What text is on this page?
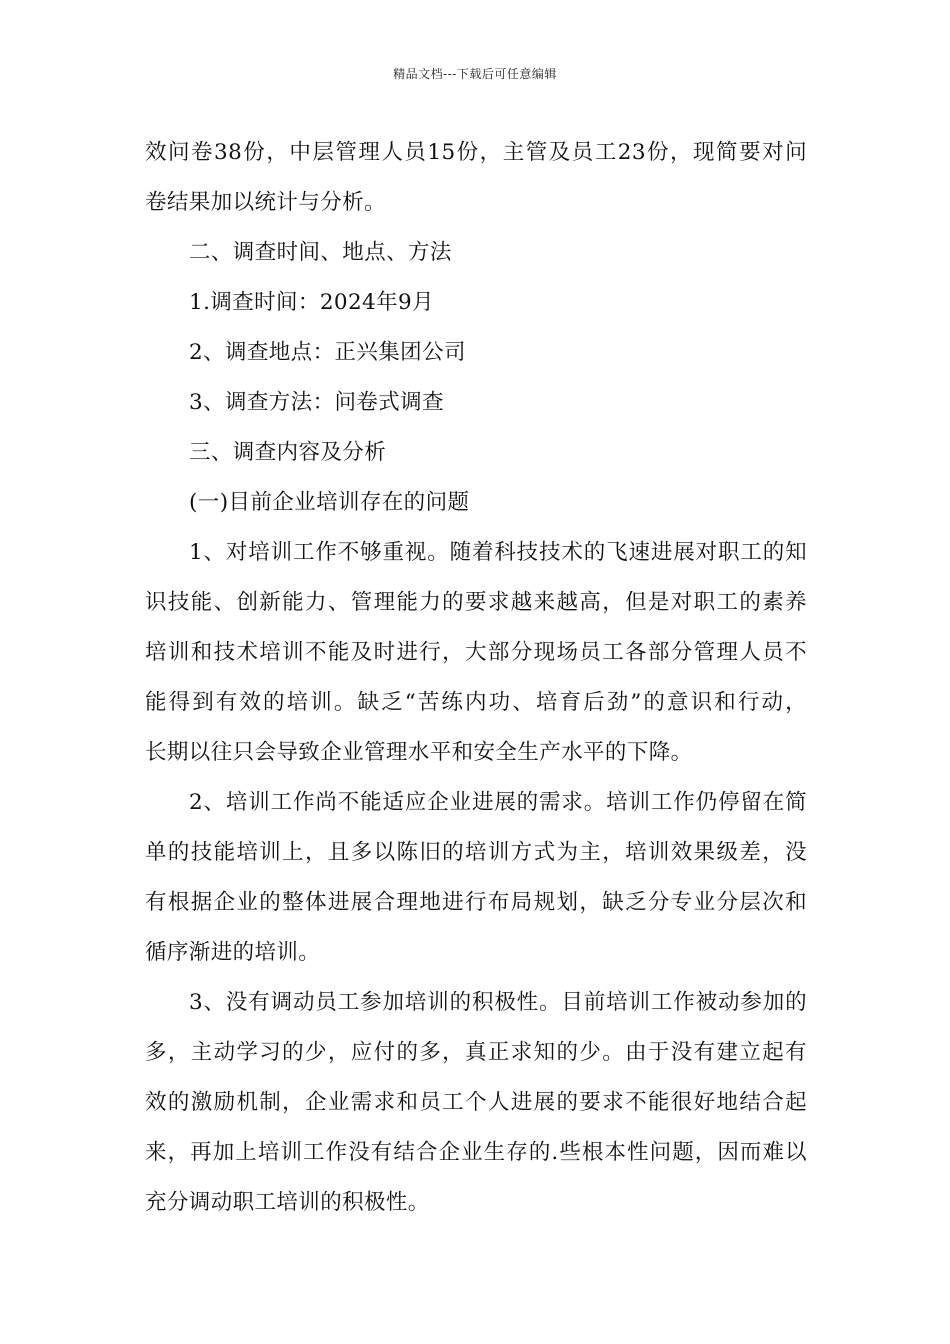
精品文档---下载后可任意编辑
效问卷38份，中层管理人员15份，主管及员工23份，现简要对问
卷结果加以统计与分析。
二、调查时间、地点、方法
1.调查时间：2024年9月
2、调查地点：正兴集团公司
3、调查方法：问卷式调查
三、调查内容及分析
(一)目前企业培训存在的问题
1、对培训工作不够重视。随着科技技术的飞速进展对职工的知
识技能、创新能力、管理能力的要求越来越高，但是对职工的素养
培训和技术培训不能及时进行，大部分现场员工各部分管理人员不
能得到有效的培训。缺乏“苦练内功、培育后劲”的意识和行动，
长期以往只会导致企业管理水平和安全生产水平的下降。
2、培训工作尚不能适应企业进展的需求。培训工作仍停留在简
单的技能培训上，且多以陈旧的培训方式为主，培训效果级差，没
有根据企业的整体进展合理地进行布局规划，缺乏分专业分层次和
循序渐进的培训。
3、没有调动员工参加培训的积极性。目前培训工作被动参加的
多，主动学习的少，应付的多，真正求知的少。由于没有建立起有
效的激励机制，企业需求和员工个人进展的要求不能很好地结合起
来，再加上培训工作没有结合企业生存的.些根本性问题，因而难以
充分调动职工培训的积极性。
